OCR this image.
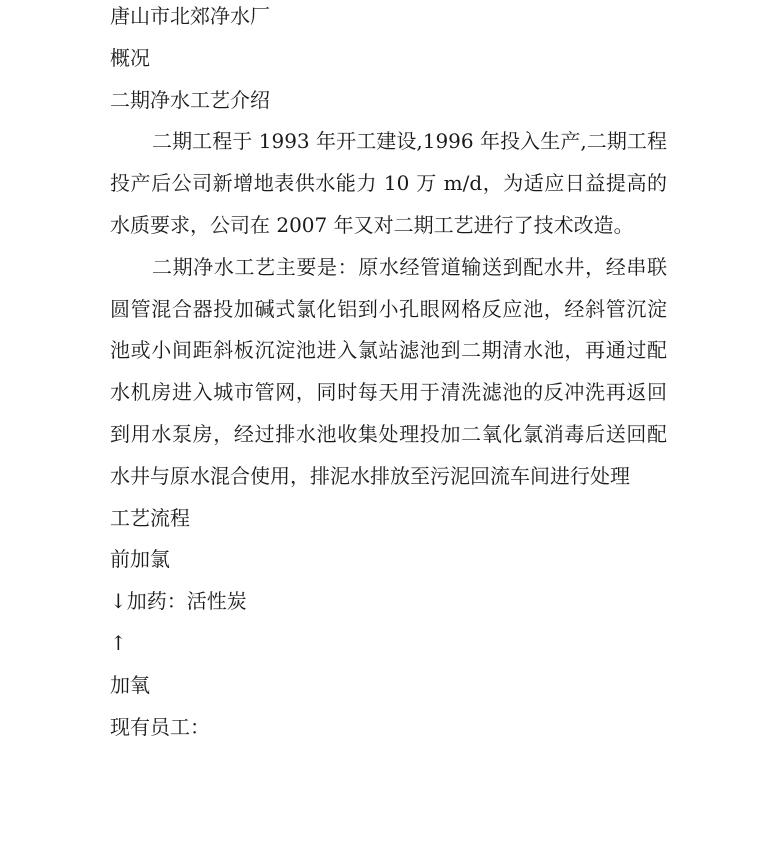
唐山市北郊净水厂

概况

二期净水工艺介绍

二期工程于 1993 年开工建设,1996 年投入生产,二期工程投产后公司新增地表供水能力 10 万 m/d，为适应日益提高的水质要求，公司在 2007 年又对二期工艺进行了技术改造。

二期净水工艺主要是：原水经管道输送到配水井，经串联圆管混合器投加碱式氯化铝到小孔眼网格反应池，经斜管沉淀池或小间距斜板沉淀池进入氯站滤池到二期清水池，再通过配水机房进入城市管网，同时每天用于清洗滤池的反冲洗再返回到用水泵房，经过排水池收集处理投加二氧化氯消毒后送回配水井与原水混合使用，排泥水排放至污泥回流车间进行处理

工艺流程

前加氯

↓加药：活性炭

↑

加氧

现有员工：
